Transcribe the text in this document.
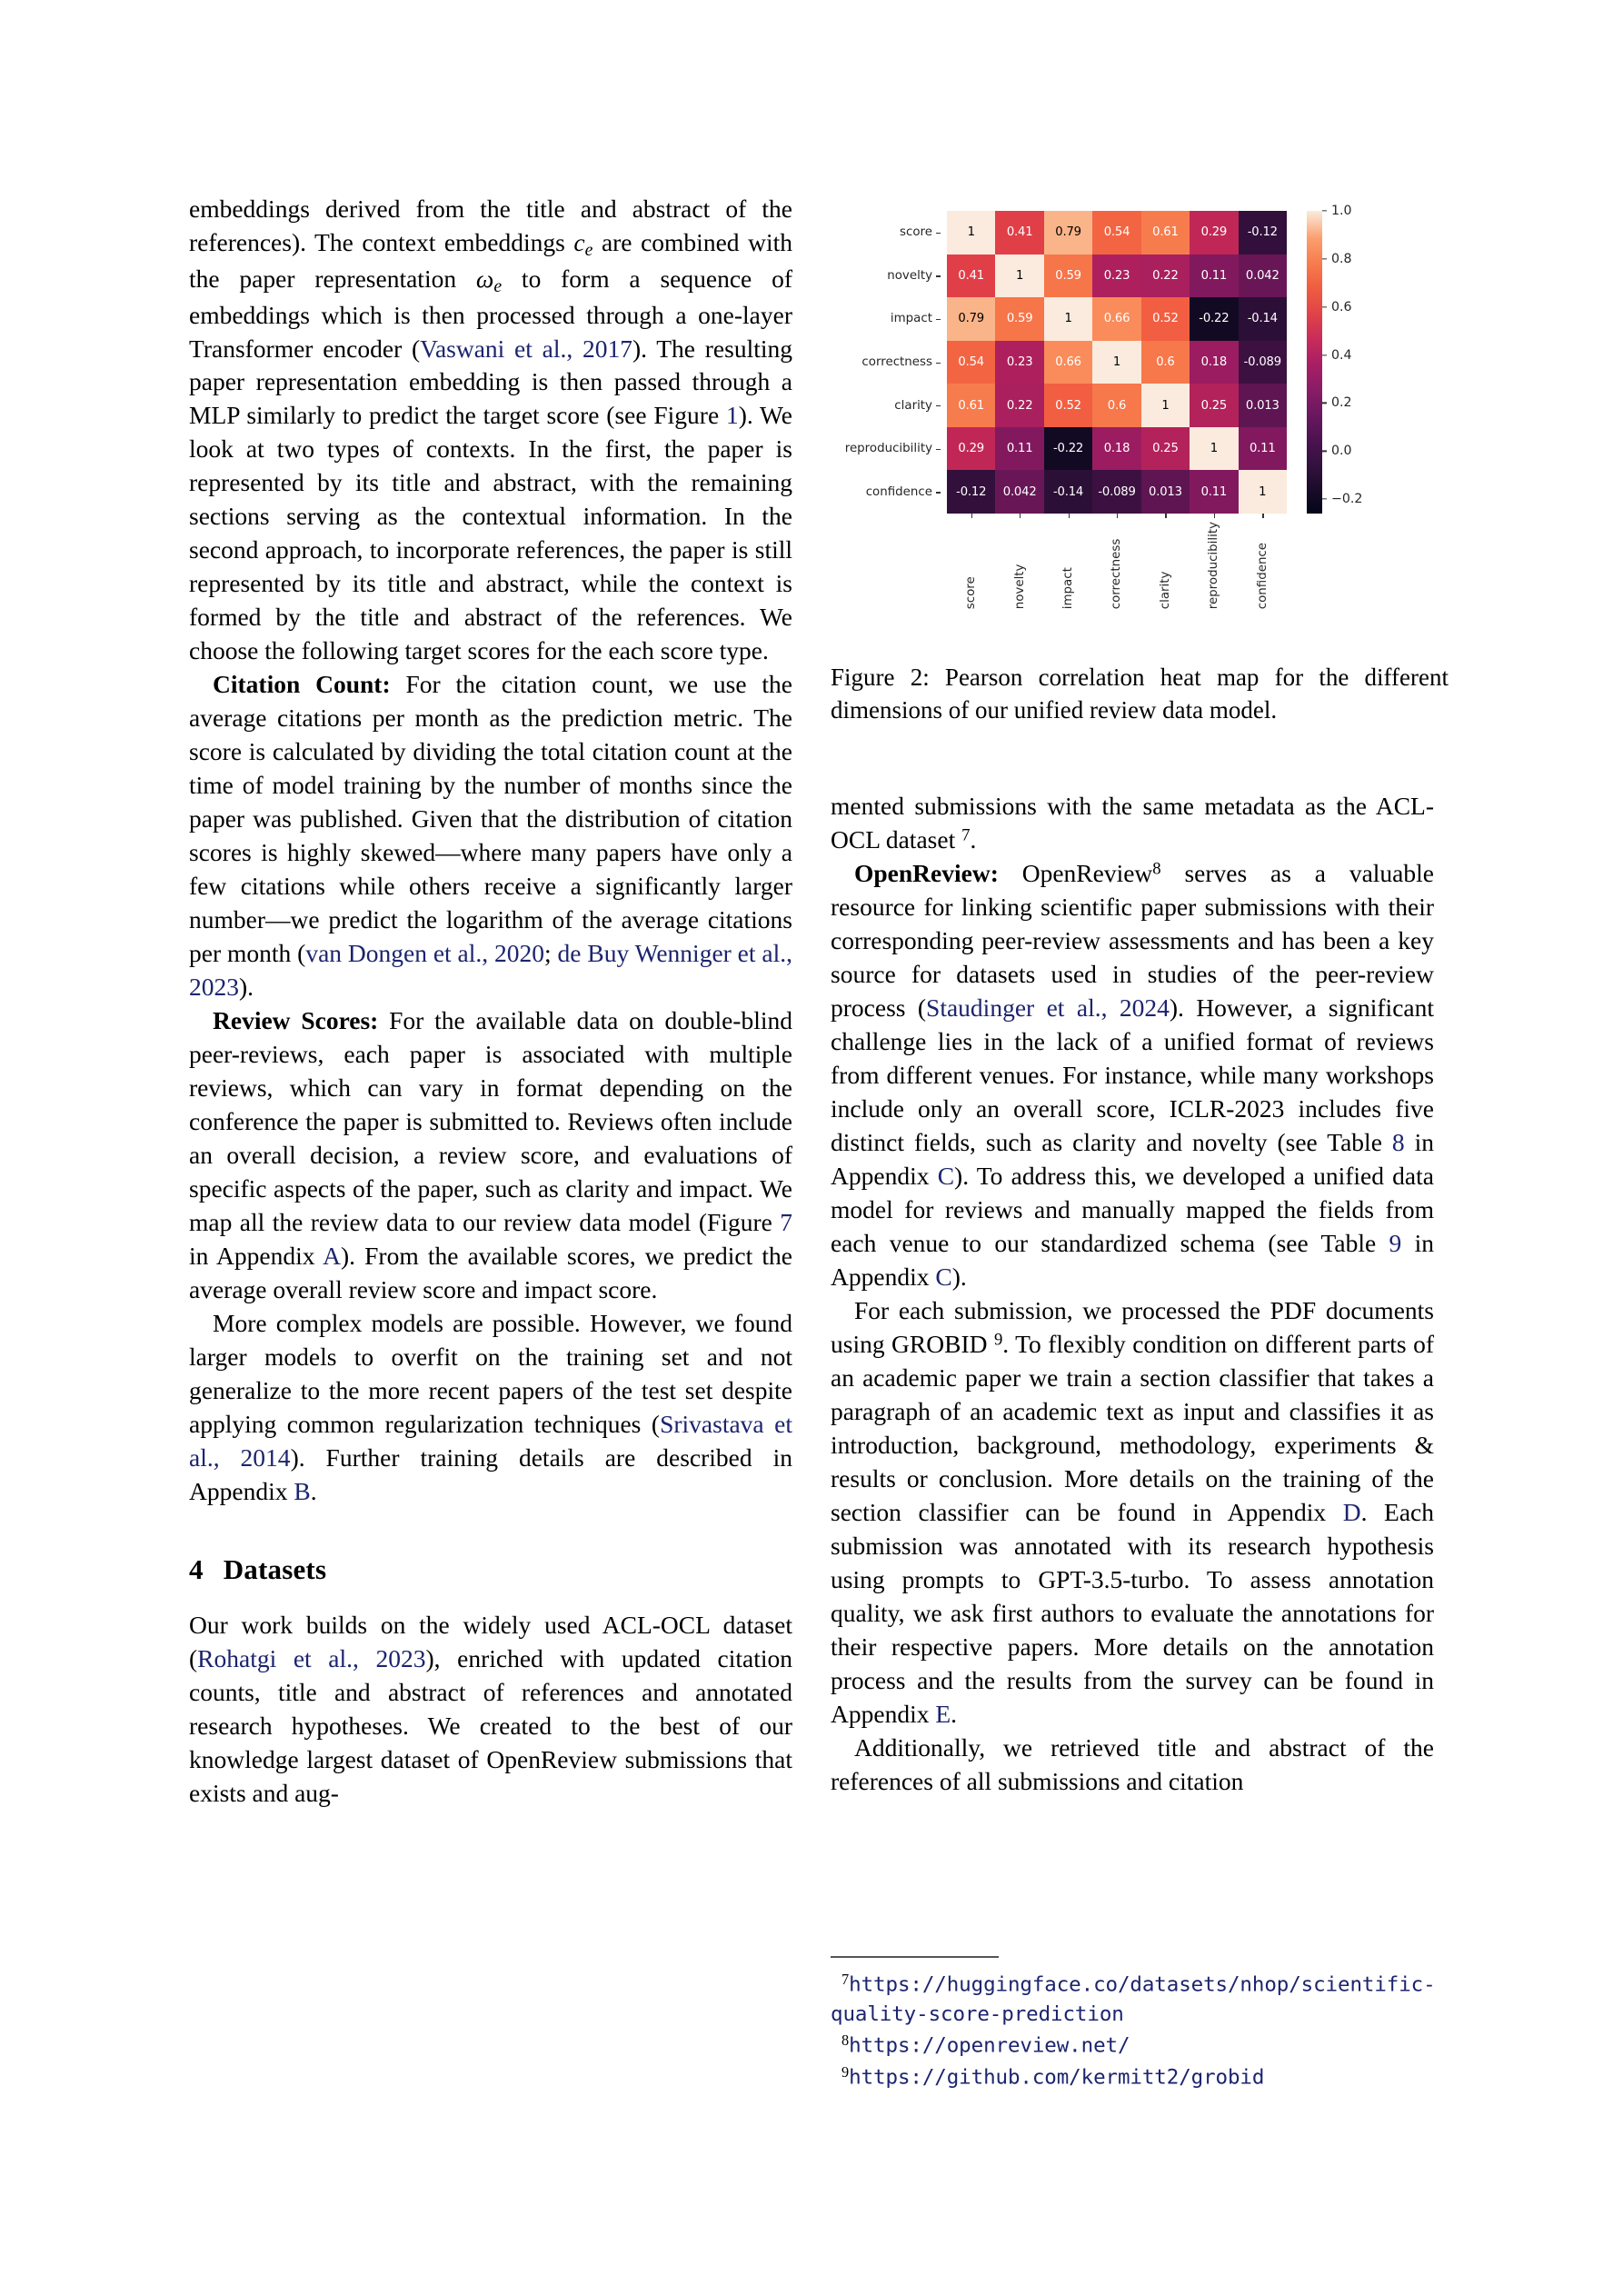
embeddings derived from the title and abstract of the references). The context embeddings $c_e$ are combined with the paper representation $\omega_e$ to form a sequence of embeddings which is then processed through a one-layer Transformer encoder (Vaswani et al., 2017). The resulting paper representation embedding is then passed through a MLP similarly to predict the target score (see Figure 1). We look at two types of contexts. In the first, the paper is represented by its title and abstract, with the remaining sections serving as the contextual information. In the second approach, to incorporate references, the paper is still represented by its title and abstract, while the context is formed by the title and abstract of the references. We choose the following target scores for the each score type.

Citation Count: For the citation count, we use the average citations per month as the prediction metric. The score is calculated by dividing the total citation count at the time of model training by the number of months since the paper was published. Given that the distribution of citation scores is highly skewed—where many papers have only a few citations while others receive a significantly larger number—we predict the logarithm of the average citations per month (van Dongen et al., 2020; de Buy Wenniger et al., 2023).

Review Scores: For the available data on double-blind peer-reviews, each paper is associated with multiple reviews, which can vary in format depending on the conference the paper is submitted to. Reviews often include an overall decision, a review score, and evaluations of specific aspects of the paper, such as clarity and impact. We map all the review data to our review data model (Figure 7 in Appendix A). From the available scores, we predict the average overall review score and impact score.

More complex models are possible. However, we found larger models to overfit on the training set and not generalize to the more recent papers of the test set despite applying common regularization techniques (Srivastava et al., 2014). Further training details are described in Appendix B.

4 Datasets

Our work builds on the widely used ACL-OCL dataset (Rohatgi et al., 2023), enriched with updated citation counts, title and abstract of references and annotated research hypotheses. We created to the best of our knowledge largest dataset of OpenReview submissions that exists and aug-

score
novelty
impact
correctness
clarity
reproducibility
confidence
1	0.41	0.79	0.54	0.61	0.29	-0.12
0.41	1	0.59	0.23	0.22	0.11	0.042
0.79	0.59	1	0.66	0.52	-0.22	-0.14
0.54	0.23	0.66	1	0.6	0.18	-0.089
0.61	0.22	0.52	0.6	1	0.25	0.013
0.29	0.11	-0.22	0.18	0.25	1	0.11
-0.12	0.042	-0.14	-0.089	0.013	0.11	1
score	novelty	impact	correctness	clarity	reproducibility	confidence
1.0
0.8
0.6
0.4
0.2
0.0
−0.2
Figure 2: Pearson correlation heat map for the different dimensions of our unified review data model.

mented submissions with the same metadata as the ACL-OCL dataset $^7$.

OpenReview: OpenReview$^8$ serves as a valuable resource for linking scientific paper submissions with their corresponding peer-review assessments and has been a key source for datasets used in studies of the peer-review process (Staudinger et al., 2024). However, a significant challenge lies in the lack of a unified format of reviews from different venues. For instance, while many workshops include only an overall score, ICLR-2023 includes five distinct fields, such as clarity and novelty (see Table 8 in Appendix C). To address this, we developed a unified data model for reviews and manually mapped the fields from each venue to our standardized schema (see Table 9 in Appendix C).

For each submission, we processed the PDF documents using GROBID $^9$. To flexibly condition on different parts of an academic paper we train a section classifier that takes a paragraph of an academic text as input and classifies it as introduction, background, methodology, experiments & results or conclusion. More details on the training of the section classifier can be found in Appendix D. Each submission was annotated with its research hypothesis using prompts to GPT-3.5-turbo. To assess annotation quality, we ask first authors to evaluate the annotations for their respective papers. More details on the annotation process and the results from the survey can be found in Appendix E.

Additionally, we retrieved title and abstract of the references of all submissions and citation

$^7$https://huggingface.co/datasets/nhop/scientific-quality-score-prediction

$^8$https://openreview.net/

$^9$https://github.com/kermitt2/grobid
